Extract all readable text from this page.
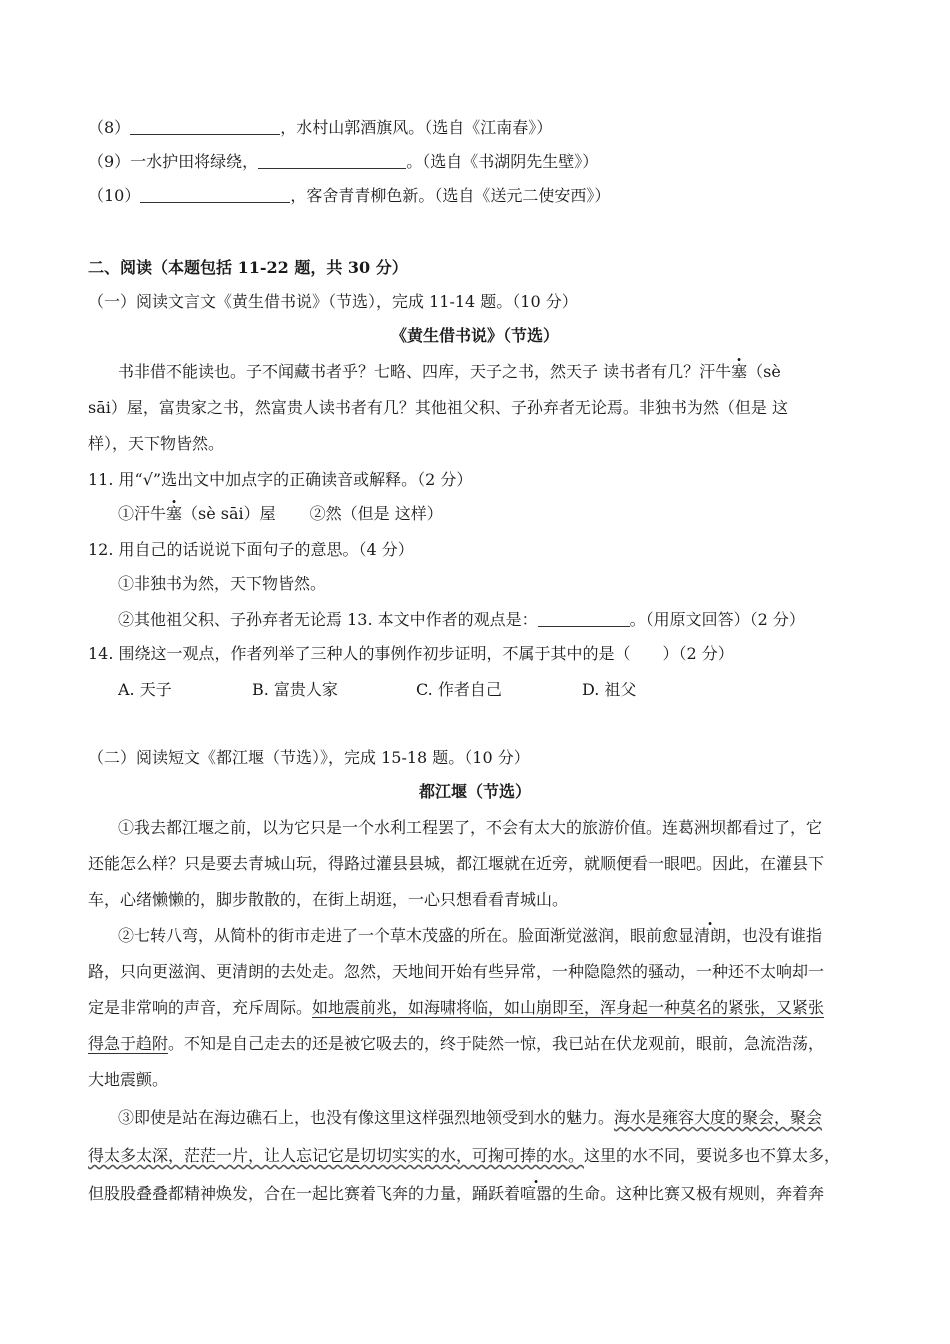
（8）	，水村山郭酒旗风。（选自《江南春》）
（9）一水护田将绿绕，	。（选自《书湖阴先生壁》）
（10）	，客舍青青柳色新。（选自《送元二使安西》）
二、阅读（本题包括 11-22 题，共 30 分）
（一）阅读文言文《黄生借书说》（节选），完成 11-14 题。（10 分）
《黄生借书说》（节选）
书非借不能读也。子不闻藏书者乎？七略、四库，天子之书，然天子 读书者有几？汗牛塞（sè
sāi）屋，富贵家之书，然富贵人读书者有几？其他祖父积、子孙弃者无论焉。非独书为然（但是 这
样），天下物皆然。
11. 用“√”选出文中加点字的正确读音或解释。（2 分）
①汗牛塞（sè sāi）屋 ②然（但是 这样）
12. 用自己的话说说下面句子的意思。（4 分）
①非独书为然，天下物皆然。
②其他祖父积、子孙弃者无论焉 13. 本文中作者的观点是：	。（用原文回答）（2 分）
14. 围绕这一观点，作者列举了三种人的事例作初步证明，不属于其中的是（　　）（2 分）
A. 天子	B. 富贵人家	C. 作者自己	D. 祖父
（二）阅读短文《都江堰（节选）》，完成 15-18 题。（10 分）
都江堰（节选）
①我去都江堰之前，以为它只是一个水利工程罢了，不会有太大的旅游价值。连葛洲坝都看过了，它
还能怎么样？只是要去青城山玩，得路过灌县县城，都江堰就在近旁，就顺便看一眼吧。因此，在灌县下
车，心绪懒懒的，脚步散散的，在街上胡逛，一心只想看看青城山。
②七转八弯，从简朴的街市走进了一个草木茂盛的所在。脸面渐觉滋润，眼前愈显清朗，也没有谁指
路，只向更滋润、更清朗的去处走。忽然，天地间开始有些异常，一种隐隐然的骚动，一种还不太响却一
定是非常响的声音，充斥周际。如地震前兆，如海啸将临，如山崩即至，浑身起一种莫名的紧张，又紧张
得急于趋附。不知是自己走去的还是被它吸去的，终于陡然一惊，我已站在伏龙观前，眼前，急流浩荡，
大地震颤。
③即使是站在海边礁石上，也没有像这里这样强烈地领受到水的魅力。海水是雍容大度的聚会，聚会
得太多太深，茫茫一片，让人忘记它是切切实实的水，可掬可捧的水。这里的水不同，要说多也不算太多，
但股股叠叠都精神焕发，合在一起比赛着飞奔的力量，踊跃着喧嚣的生命。这种比赛又极有规则，奔着奔
